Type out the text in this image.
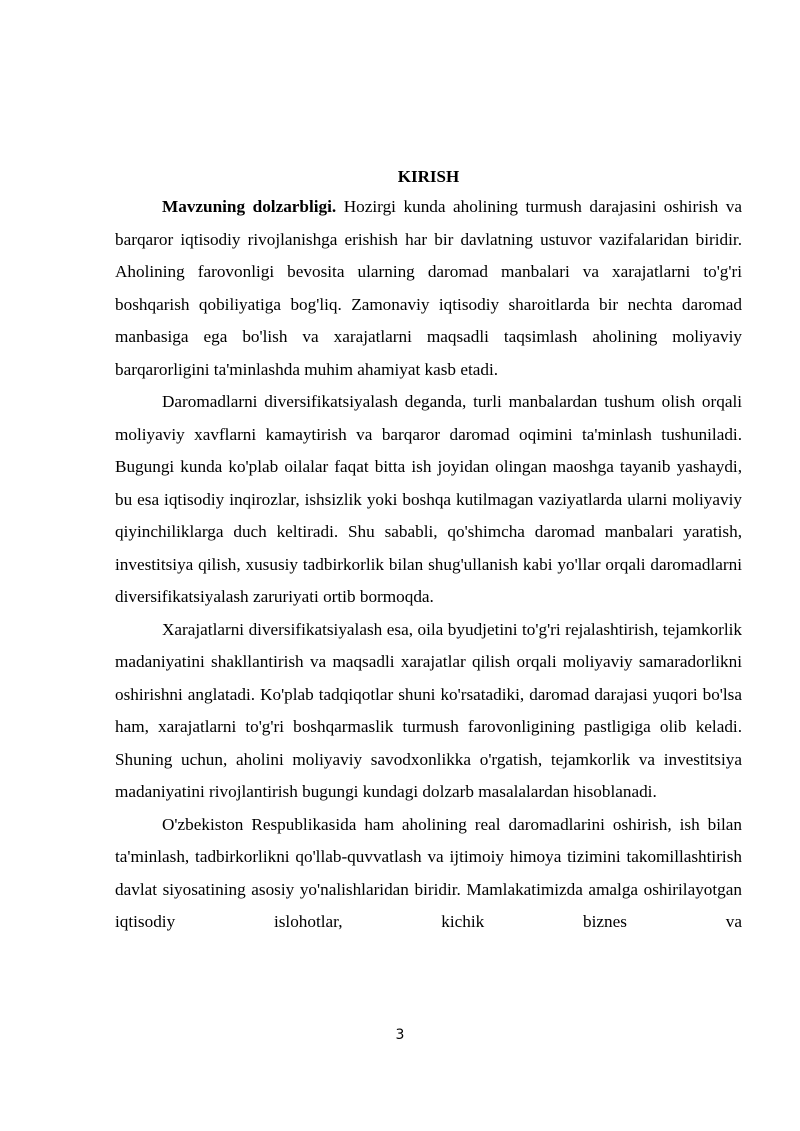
KIRISH

Mavzuning dolzarbligi. Hozirgi kunda aholining turmush darajasini oshirish va barqaror iqtisodiy rivojlanishga erishish har bir davlatning ustuvor vazifalaridan biridir. Aholining farovonligi bevosita ularning daromad manbalari va xarajatlarni to'g'ri boshqarish qobiliyatiga bog'liq. Zamonaviy iqtisodiy sharoitlarda bir nechta daromad manbasiga ega bo'lish va xarajatlarni maqsadli taqsimlash aholining moliyaviy barqarorligini ta'minlashda muhim ahamiyat kasb etadi.

Daromadlarni diversifikatsiyalash deganda, turli manbalardan tushum olish orqali moliyaviy xavflarni kamaytirish va barqaror daromad oqimini ta'minlash tushuniladi. Bugungi kunda ko'plab oilalar faqat bitta ish joyidan olingan maoshga tayanib yashaydi, bu esa iqtisodiy inqirozlar, ishsizlik yoki boshqa kutilmagan vaziyatlarda ularni moliyaviy qiyinchiliklarga duch keltiradi. Shu sababli, qo'shimcha daromad manbalari yaratish, investitsiya qilish, xususiy tadbirkorlik bilan shug'ullanish kabi yo'llar orqali daromadlarni diversifikatsiyalash zaruriyati ortib bormoqda.

Xarajatlarni diversifikatsiyalash esa, oila byudjetini to'g'ri rejalashtirish, tejamkorlik madaniyatini shakllantirish va maqsadli xarajatlar qilish orqali moliyaviy samaradorlikni oshirishni anglatadi. Ko'plab tadqiqotlar shuni ko'rsatadiki, daromad darajasi yuqori bo'lsa ham, xarajatlarni to'g'ri boshqarmaslik turmush farovonligining pastligiga olib keladi. Shuning uchun, aholini moliyaviy savodxonlikka o'rgatish, tejamkorlik va investitsiya madaniyatini rivojlantirish bugungi kundagi dolzarb masalalardan hisoblanadi.

O'zbekiston Respublikasida ham aholining real daromadlarini oshirish, ish bilan ta'minlash, tadbirkorlikni qo'llab-quvvatlash va ijtimoiy himoya tizimini takomillashtirish davlat siyosatining asosiy yo'nalishlaridan biridir. Mamlakatimizda amalga oshirilayotgan iqtisodiy islohotlar, kichik biznes va

3
